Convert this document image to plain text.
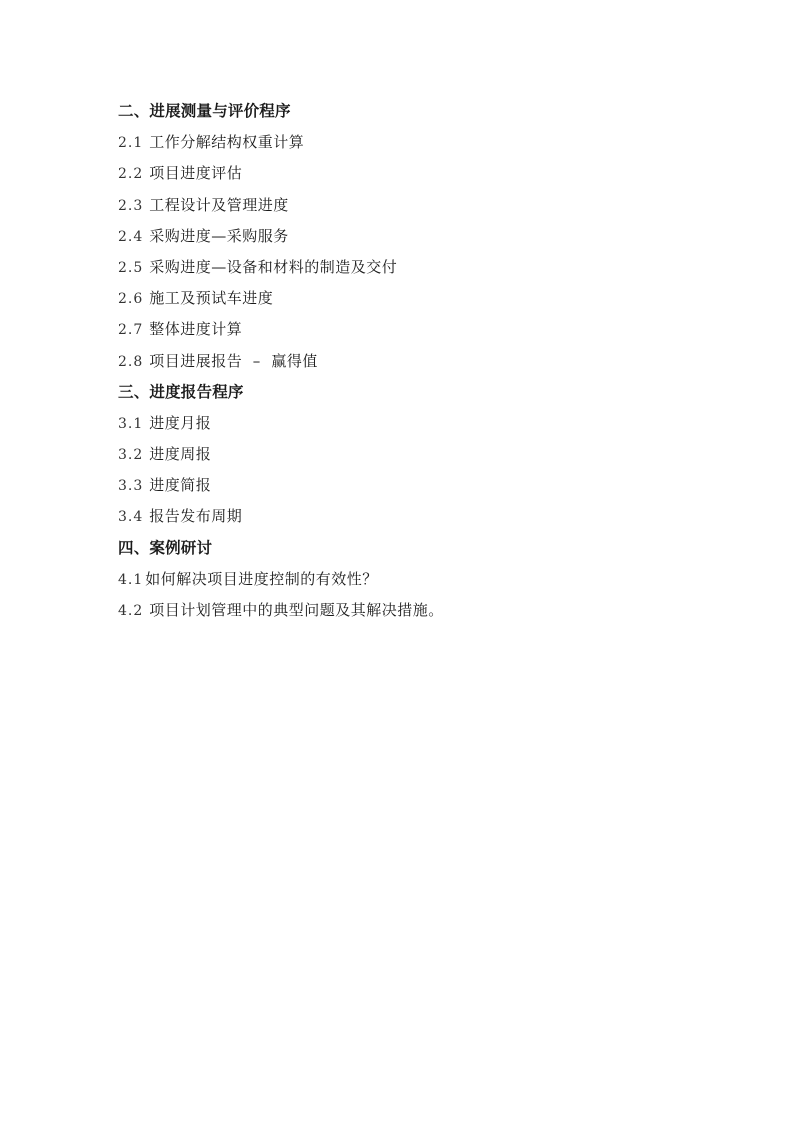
二、进展测量与评价程序
2.1 工作分解结构权重计算
2.2 项目进度评估
2.3 工程设计及管理进度
2.4 采购进度—采购服务
2.5 采购进度—设备和材料的制造及交付
2.6 施工及预试车进度
2.7 整体进度计算
2.8 项目进展报告  –  赢得值
三、进度报告程序
3.1 进度月报
3.2 进度周报
3.3 进度简报
3.4 报告发布周期
四、案例研讨
4.1 如何解决项目进度控制的有效性？
4.2 项目计划管理中的典型问题及其解决措施。
